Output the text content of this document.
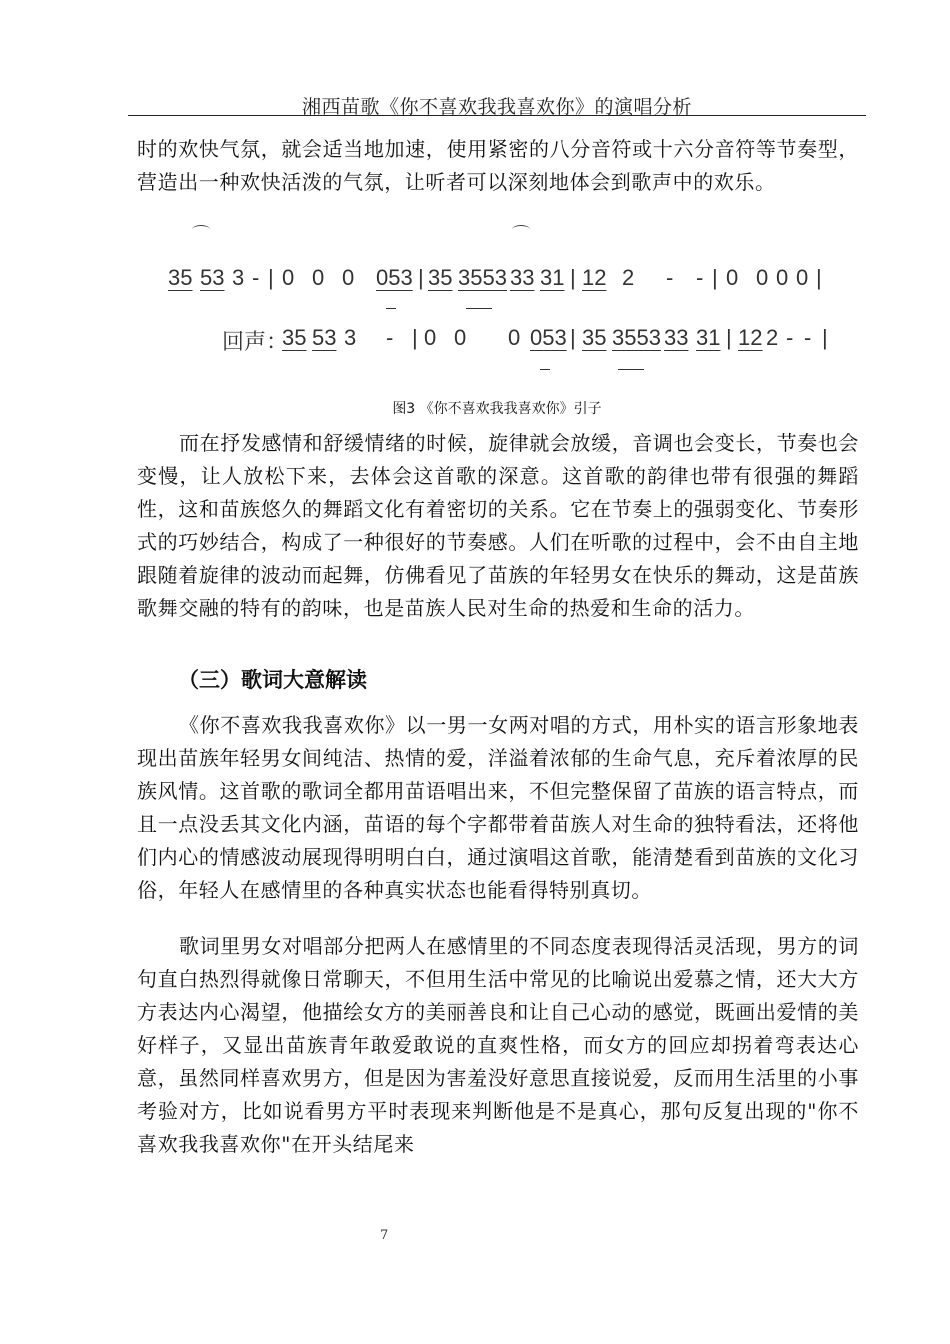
湘西苗歌《你不喜欢我我喜欢你》的演唱分析

时的欢快气氛，就会适当地加速，使用紧密的八分音符或十六分音符等节奏型，营造出一种欢快活泼的气氛，让听者可以深刻地体会到歌声中的欢乐。

35 53 3 - | 0 0 0 053 | 35 3553 33 31 | 12 2 - - | 0 0 0 0 |
回声：
35 53 3 - | 0 0 0 053 | 35 3553 33 31 | 12 2 - - |
图3 《你不喜欢我我喜欢你》引子

而在抒发感情和舒缓情绪的时候，旋律就会放缓，音调也会变长，节奏也会变慢，让人放松下来，去体会这首歌的深意。这首歌的韵律也带有很强的舞蹈性，这和苗族悠久的舞蹈文化有着密切的关系。它在节奏上的强弱变化、节奏形式的巧妙结合，构成了一种很好的节奏感。人们在听歌的过程中，会不由自主地跟随着旋律的波动而起舞，仿佛看见了苗族的年轻男女在快乐的舞动，这是苗族歌舞交融的特有的韵味，也是苗族人民对生命的热爱和生命的活力。

（三）歌词大意解读

《你不喜欢我我喜欢你》以一男一女两对唱的方式，用朴实的语言形象地表现出苗族年轻男女间纯洁、热情的爱，洋溢着浓郁的生命气息，充斥着浓厚的民族风情。这首歌的歌词全都用苗语唱出来，不但完整保留了苗族的语言特点，而且一点没丢其文化内涵，苗语的每个字都带着苗族人对生命的独特看法，还将他们内心的情感波动展现得明明白白，通过演唱这首歌，能清楚看到苗族的文化习俗，年轻人在感情里的各种真实状态也能看得特别真切。

歌词里男女对唱部分把两人在感情里的不同态度表现得活灵活现，男方的词句直白热烈得就像日常聊天，不但用生活中常见的比喻说出爱慕之情，还大大方方表达内心渴望，他描绘女方的美丽善良和让自己心动的感觉，既画出爱情的美好样子，又显出苗族青年敢爱敢说的直爽性格，而女方的回应却拐着弯表达心意，虽然同样喜欢男方，但是因为害羞没好意思直接说爱，反而用生活里的小事考验对方，比如说看男方平时表现来判断他是不是真心，那句反复出现的"你不喜欢我我喜欢你"在开头结尾来

7
